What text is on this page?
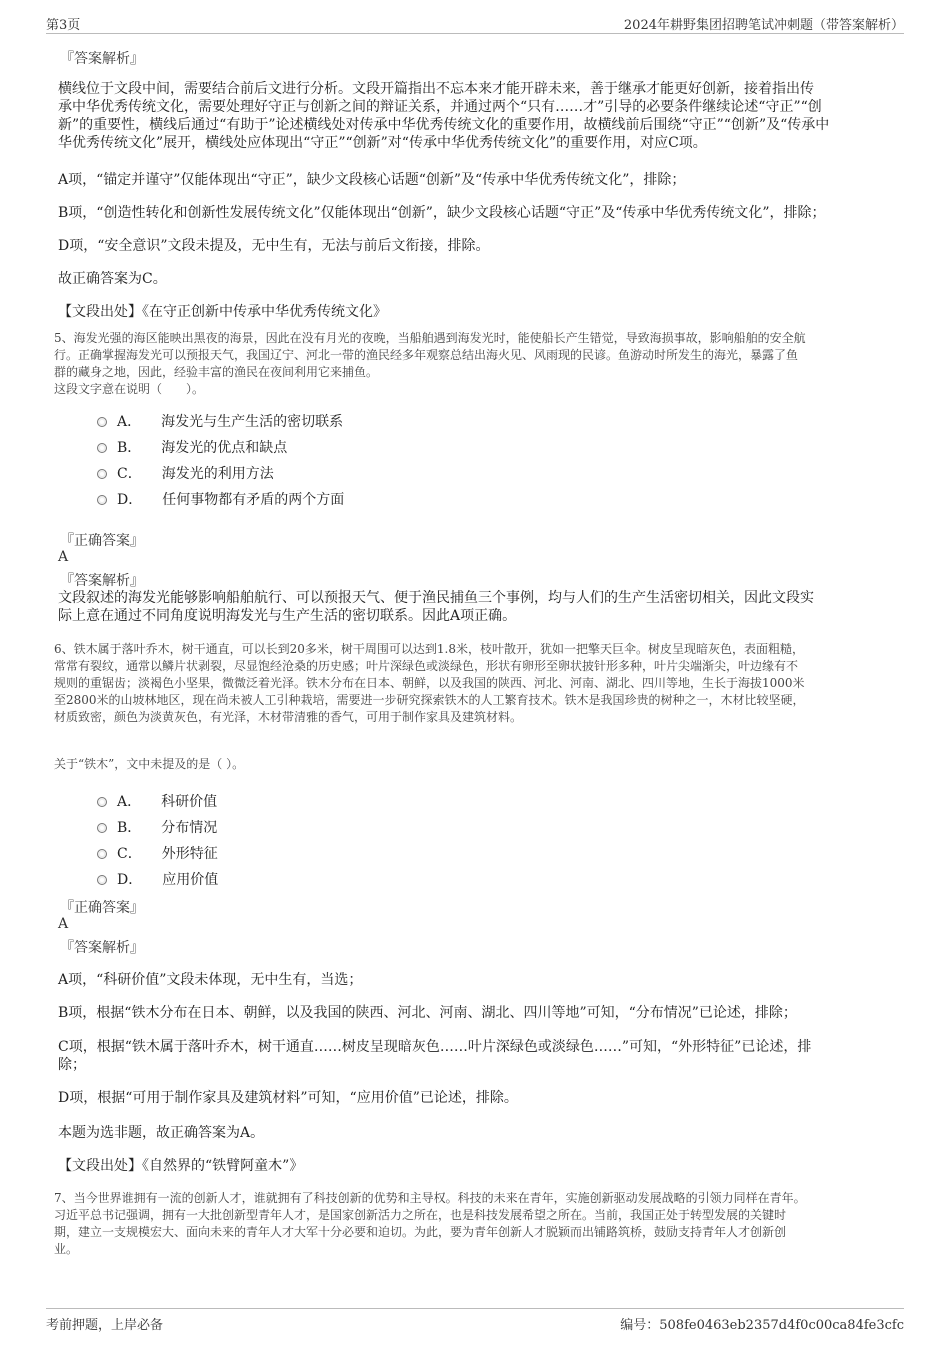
第3页	2024年耕野集团招聘笔试冲刺题（带答案解析）
『答案解析』
横线位于文段中间，需要结合前后文进行分析。文段开篇指出不忘本来才能开辟未来，善于继承才能更好创新，接着指出传
承中华优秀传统文化，需要处理好守正与创新之间的辩证关系，并通过两个“只有……才”引导的必要条件继续论述“守正”“创
新”的重要性，横线后通过“有助于”论述横线处对传承中华优秀传统文化的重要作用，故横线前后围绕“守正”“创新”及“传承中
华优秀传统文化”展开，横线处应体现出“守正”“创新”对“传承中华优秀传统文化”的重要作用，对应C项。
A项，“锚定并谨守”仅能体现出“守正”，缺少文段核心话题“创新”及“传承中华优秀传统文化”，排除；
B项，“创造性转化和创新性发展传统文化”仅能体现出“创新”，缺少文段核心话题“守正”及“传承中华优秀传统文化”，排除；
D项，“安全意识”文段未提及，无中生有，无法与前后文衔接，排除。
故正确答案为C。
【文段出处】《在守正创新中传承中华优秀传统文化》
5、海发光强的海区能映出黑夜的海景，因此在没有月光的夜晚，当船舶遇到海发光时，能使船长产生错觉，导致海损事故，影响船舶的安全航
行。正确掌握海发光可以预报天气，我国辽宁、河北一带的渔民经多年观察总结出海火见、风雨现的民谚。鱼游动时所发生的海光，暴露了鱼
群的藏身之地，因此，经验丰富的渔民在夜间利用它来捕鱼。
这段文字意在说明（　　）。
A． 海发光与生产生活的密切联系
B． 海发光的优点和缺点
C． 海发光的利用方法
D． 任何事物都有矛盾的两个方面
『正确答案』
A
『答案解析』
文段叙述的海发光能够影响船舶航行、可以预报天气、便于渔民捕鱼三个事例，均与人们的生产生活密切相关，因此文段实
际上意在通过不同角度说明海发光与生产生活的密切联系。因此A项正确。
6、铁木属于落叶乔木，树干通直，可以长到20多米，树干周围可以达到1.8米，枝叶散开，犹如一把擎天巨伞。树皮呈现暗灰色，表面粗糙，
常常有裂纹，通常以鳞片状剥裂，尽显饱经沧桑的历史感；叶片深绿色或淡绿色，形状有卵形至卵状披针形多种，叶片尖端渐尖，叶边缘有不
规则的重锯齿；淡褐色小坚果，微微泛着光泽。铁木分布在日本、朝鲜，以及我国的陕西、河北、河南、湖北、四川等地，生长于海拔1000米
至2800米的山坡林地区，现在尚未被人工引种栽培，需要进一步研究探索铁木的人工繁育技术。铁木是我国珍贵的树种之一，木材比较坚硬，
材质致密，颜色为淡黄灰色，有光泽，木材带清雅的香气，可用于制作家具及建筑材料。
关于“铁木”，文中未提及的是（ ）。
A． 科研价值
B． 分布情况
C． 外形特征
D． 应用价值
『正确答案』
A
『答案解析』
A项，“科研价值”文段未体现，无中生有，当选；
B项，根据“铁木分布在日本、朝鲜，以及我国的陕西、河北、河南、湖北、四川等地”可知，“分布情况”已论述，排除；
C项，根据“铁木属于落叶乔木，树干通直……树皮呈现暗灰色……叶片深绿色或淡绿色……”可知，“外形特征”已论述，排
除；
D项，根据“可用于制作家具及建筑材料”可知，“应用价值”已论述，排除。
本题为选非题，故正确答案为A。
【文段出处】《自然界的“铁臂阿童木”》
7、当今世界谁拥有一流的创新人才，谁就拥有了科技创新的优势和主导权。科技的未来在青年，实施创新驱动发展战略的引领力同样在青年。
习近平总书记强调，拥有一大批创新型青年人才，是国家创新活力之所在，也是科技发展希望之所在。当前，我国正处于转型发展的关键时
期，建立一支规模宏大、面向未来的青年人才大军十分必要和迫切。为此，要为青年创新人才脱颖而出铺路筑桥，鼓励支持青年人才创新创
业。
考前押题，上岸必备	编号：508fe0463eb2357d4f0c00ca84fe3cfc
